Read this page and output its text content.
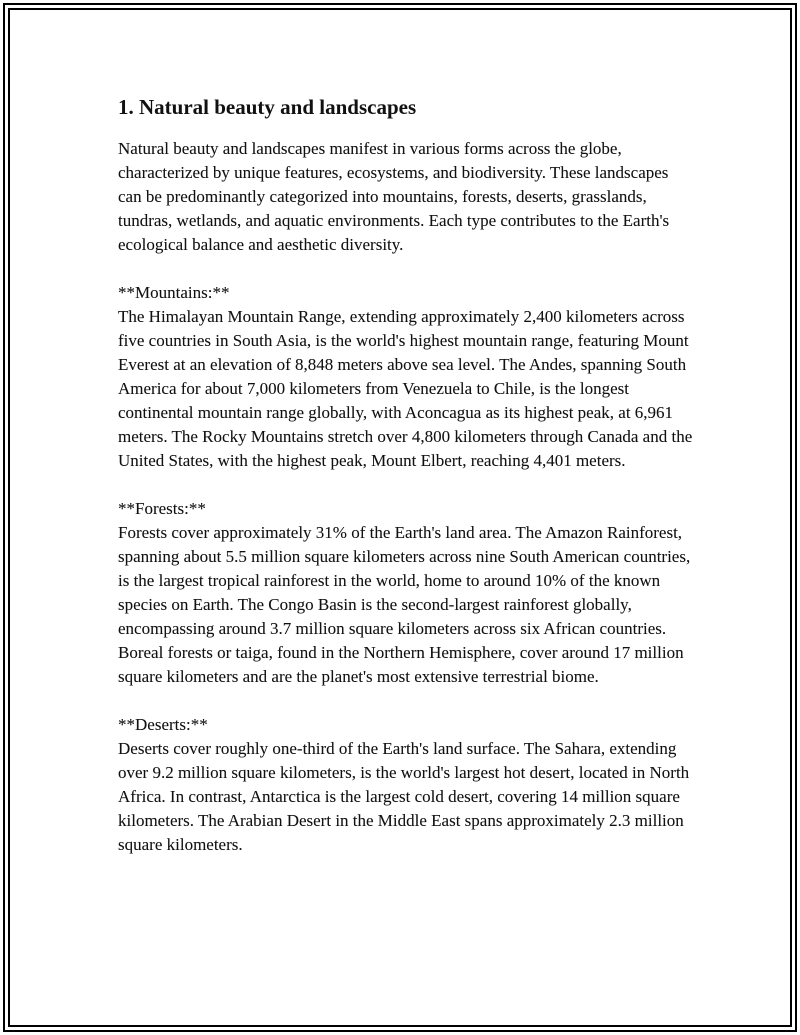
1. Natural beauty and landscapes

Natural beauty and landscapes manifest in various forms across the globe, characterized by unique features, ecosystems, and biodiversity. These landscapes can be predominantly categorized into mountains, forests, deserts, grasslands, tundras, wetlands, and aquatic environments. Each type contributes to the Earth's ecological balance and aesthetic diversity.

**Mountains:**

The Himalayan Mountain Range, extending approximately 2,400 kilometers across five countries in South Asia, is the world's highest mountain range, featuring Mount Everest at an elevation of 8,848 meters above sea level. The Andes, spanning South America for about 7,000 kilometers from Venezuela to Chile, is the longest continental mountain range globally, with Aconcagua as its highest peak, at 6,961 meters. The Rocky Mountains stretch over 4,800 kilometers through Canada and the United States, with the highest peak, Mount Elbert, reaching 4,401 meters.

**Forests:**

Forests cover approximately 31% of the Earth's land area. The Amazon Rainforest, spanning about 5.5 million square kilometers across nine South American countries, is the largest tropical rainforest in the world, home to around 10% of the known species on Earth. The Congo Basin is the second-largest rainforest globally, encompassing around 3.7 million square kilometers across six African countries. Boreal forests or taiga, found in the Northern Hemisphere, cover around 17 million square kilometers and are the planet's most extensive terrestrial biome.

**Deserts:**

Deserts cover roughly one-third of the Earth's land surface. The Sahara, extending over 9.2 million square kilometers, is the world's largest hot desert, located in North Africa. In contrast, Antarctica is the largest cold desert, covering 14 million square kilometers. The Arabian Desert in the Middle East spans approximately 2.3 million square kilometers.
